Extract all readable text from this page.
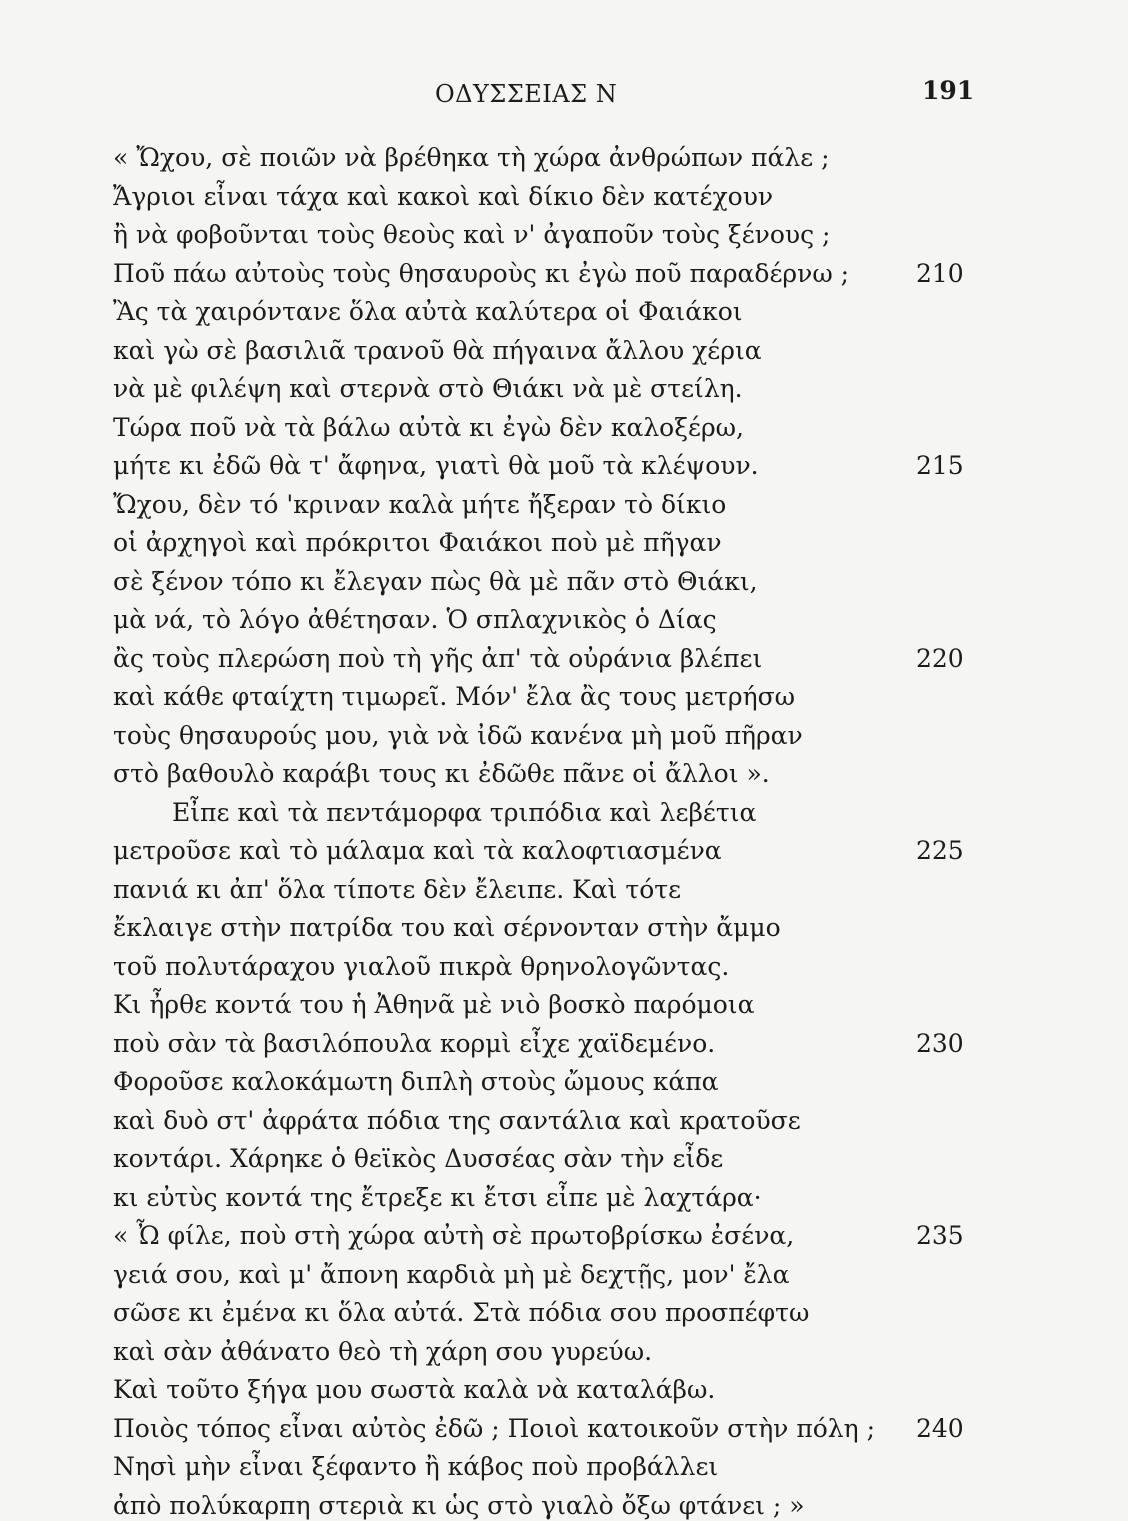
ΟΔΥΣΣΕΙΑΣ Ν	191
« Ὤχου, σὲ ποιῶν νὰ βρέθηκα τὴ χώρα ἀνθρώπων πάλε ;
Ἄγριοι εἶναι τάχα καὶ κακοὶ καὶ δίκιο δὲν κατέχουν
ἢ νὰ φοβοῦνται τοὺς θεοὺς καὶ ν' ἀγαποῦν τοὺς ξένους ;
Ποῦ πάω αὐτοὺς τοὺς θησαυροὺς κι ἐγὼ ποῦ παραδέρνω ;	210
Ἂς τὰ χαιρόντανε ὅλα αὐτὰ καλύτερα οἱ Φαιάκοι
καὶ γὼ σὲ βασιλιᾶ τρανοῦ θὰ πήγαινα ἄλλου χέρια
νὰ μὲ φιλέψη καὶ στερνὰ στὸ Θιάκι νὰ μὲ στείλη.
Τώρα ποῦ νὰ τὰ βάλω αὐτὰ κι ἐγὼ δὲν καλοξέρω,
μήτε κι ἐδῶ θὰ τ' ἄφηνα, γιατὶ θὰ μοῦ τὰ κλέψουν.	215
Ὤχου, δὲν τό 'κριναν καλὰ μήτε ἤξεραν τὸ δίκιο
οἱ ἀρχηγοὶ καὶ πρόκριτοι Φαιάκοι ποὺ μὲ πῆγαν
σὲ ξένον τόπο κι ἔλεγαν πὼς θὰ μὲ πᾶν στὸ Θιάκι,
μὰ νά, τὸ λόγο ἀθέτησαν. Ὁ σπλαχνικὸς ὁ Δίας
ἂς τοὺς πλερώση ποὺ τὴ γῆς ἀπ' τὰ οὐράνια βλέπει	220
καὶ κάθε φταίχτη τιμωρεῖ. Μόν' ἔλα ἂς τους μετρήσω
τοὺς θησαυρούς μου, γιὰ νὰ ἰδῶ κανένα μὴ μοῦ πῆραν
στὸ βαθουλὸ καράβι τους κι ἐδῶθε πᾶνε οἱ ἄλλοι ».
Εἶπε καὶ τὰ πεντάμορφα τριπόδια καὶ λεβέτια
μετροῦσε καὶ τὸ μάλαμα καὶ τὰ καλοφτιασμένα	225
πανιά κι ἀπ' ὅλα τίποτε δὲν ἔλειπε. Καὶ τότε
ἔκλαιγε στὴν πατρίδα του καὶ σέρνονταν στὴν ἄμμο
τοῦ πολυτάραχου γιαλοῦ πικρὰ θρηνολογῶντας.
Κι ἦρθε κοντά του ἡ Ἀθηνᾶ μὲ νιὸ βοσκὸ παρόμοια
ποὺ σὰν τὰ βασιλόπουλα κορμὶ εἶχε χαϊδεμένο.	230
Φοροῦσε καλοκάμωτη διπλὴ στοὺς ὤμους κάπα
καὶ δυὸ στ' ἀφράτα πόδια της σαντάλια καὶ κρατοῦσε
κοντάρι. Χάρηκε ὁ θεϊκὸς Δυσσέας σὰν τὴν εἶδε
κι εὐτὺς κοντά της ἔτρεξε κι ἔτσι εἶπε μὲ λαχτάρα·
« Ὦ φίλε, ποὺ στὴ χώρα αὐτὴ σὲ πρωτοβρίσκω ἐσένα,	235
γειά σου, καὶ μ' ἄπονη καρδιὰ μὴ μὲ δεχτῇς, μον' ἔλα
σῶσε κι ἐμένα κι ὅλα αὐτά. Στὰ πόδια σου προσπέφτω
καὶ σὰν ἀθάνατο θεὸ τὴ χάρη σου γυρεύω.
Καὶ τοῦτο ξήγα μου σωστὰ καλὰ νὰ καταλάβω.
Ποιὸς τόπος εἶναι αὐτὸς ἐδῶ ; Ποιοὶ κατοικοῦν στὴν πόλη ; 240
Νησὶ μὴν εἶναι ξέφαντο ἢ κάβος ποὺ προβάλλει
ἀπὸ πολύκαρπη στεριὰ κι ὡς στὸ γιαλὸ ὄξω φτάνει ; »
